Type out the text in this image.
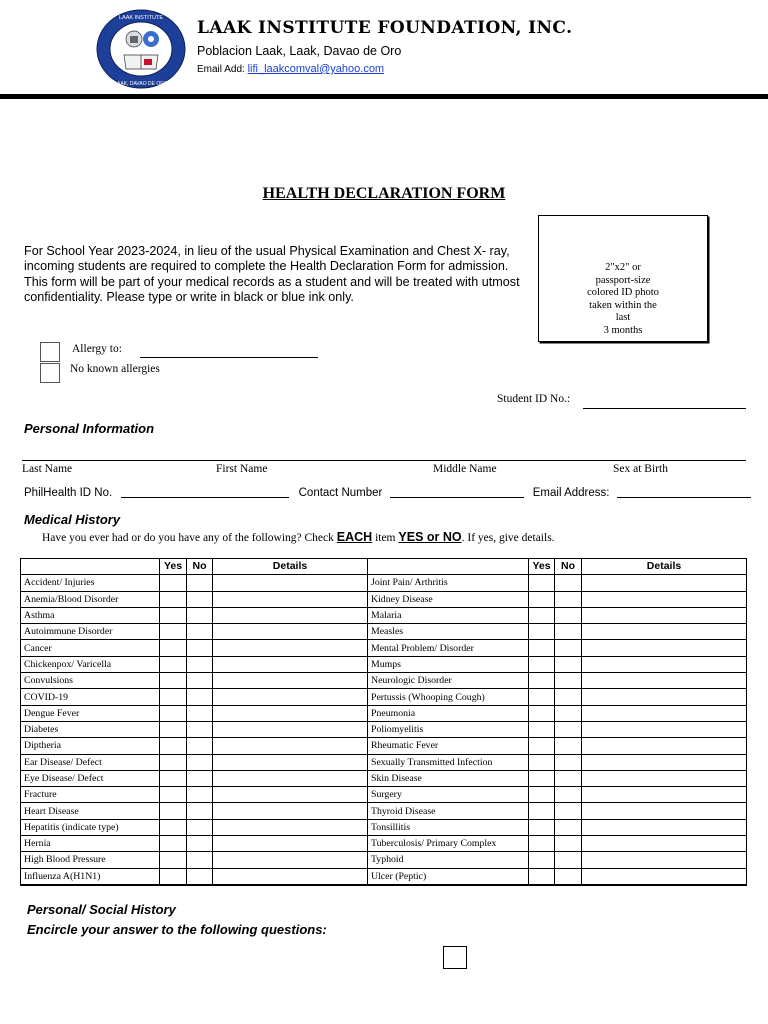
LAAK INSTITUTE
LAAK, DAVAO DE ORO
LAAK INSTITUTE FOUNDATION, INC.
Poblacion Laak, Laak, Davao de Oro
Email Add: lifi_laakcomval@yahoo.com
HEALTH DECLARATION FORM
For School Year 2023-2024, in lieu of the usual Physical Examination and Chest X- ray, incoming students are required to complete the Health Declaration Form for admission. This form will be part of your medical records as a student and will be treated with utmost confidentiality. Please type or write in black or blue ink only.
2"x2" or
passport-size
colored ID photo
taken within the
last
3 months
Allergy to:
No known allergies
Student ID No.:
Personal Information
Last Name	First Name	Middle Name	Sex at Birth
PhilHealth ID No.	Contact Number	Email Address:
Medical History
Have you ever had or do you have any of the following? Check EACH item YES or NO. If yes, give details.
	Yes	No	Details		Yes	No	Details
Accident/ Injuries				Joint Pain/ Arthritis			
Anemia/Blood Disorder				Kidney Disease			
Asthma				Malaria			
Autoimmune Disorder				Measles			
Cancer				Mental Problem/ Disorder			
Chickenpox/ Varicella				Mumps			
Convulsions				Neurologic Disorder			
COVID-19				Pertussis (Whooping Cough)			
Dengue Fever				Pneumonia			
Diabetes				Poliomyelitis			
Diptheria				Rheumatic Fever			
Ear Disease/ Defect				Sexually Transmitted Infection			
Eye Disease/ Defect				Skin Disease			
Fracture				Surgery			
Heart Disease				Thyroid Disease			
Hepatitis (indicate type)				Tonsillitis			
Hernia				Tuberculosis/ Primary Complex			
High Blood Pressure				Typhoid			
Influenza A(H1N1)				Ulcer (Peptic)			
Personal/ Social History
Encircle your answer to the following questions:
